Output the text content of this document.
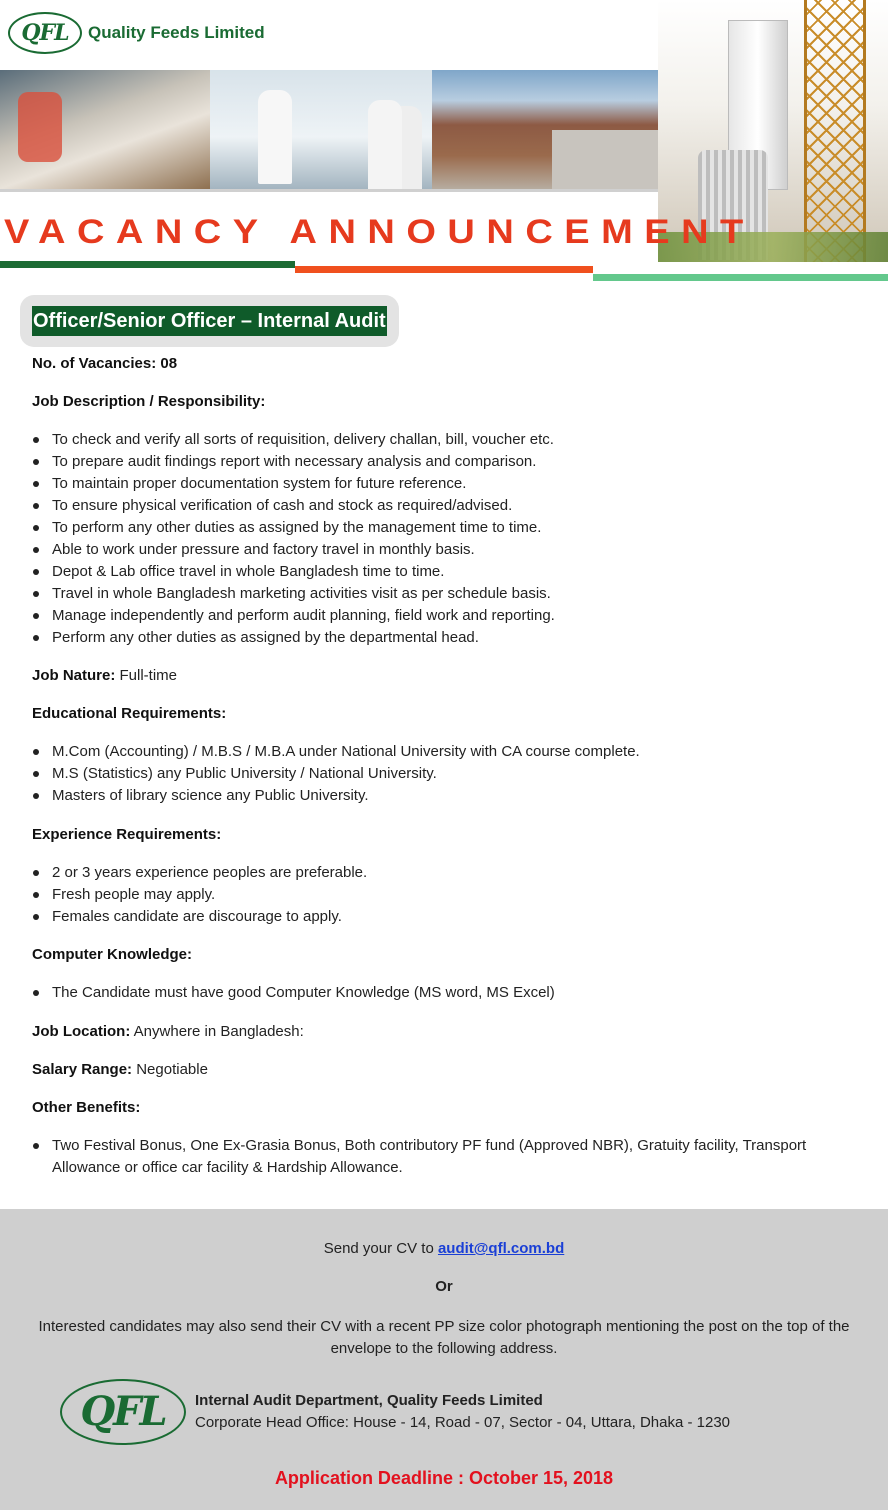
QFL	Quality Feeds Limited
VACANCY ANNOUNCEMENT
Officer/Senior Officer – Internal Audit

No. of Vacancies: 08

Job Description / Responsibility:

To check and verify all sorts of requisition, delivery challan, bill, voucher etc.
To prepare audit findings report with necessary analysis and comparison.
To maintain proper documentation system for future reference.
To ensure physical verification of cash and stock as required/advised.
To perform any other duties as assigned by the management time to time.
Able to work under pressure and factory travel in monthly basis.
Depot & Lab office travel in whole Bangladesh time to time.
Travel in whole Bangladesh marketing activities visit as per schedule basis.
Manage independently and perform audit planning, field work and reporting.
Perform any other duties as assigned by the departmental head.

Job Nature: Full-time

Educational Requirements:

M.Com (Accounting) / M.B.S / M.B.A under National University with CA course complete.
M.S (Statistics) any Public University / National University.
Masters of library science any Public University.

Experience Requirements:

2 or 3 years experience peoples are preferable.
Fresh people may apply.
Females candidate are discourage to apply.

Computer Knowledge:

The Candidate must have good Computer Knowledge (MS word, MS Excel)

Job Location: Anywhere in Bangladesh:

Salary Range: Negotiable

Other Benefits:

Two Festival Bonus, One Ex-Grasia Bonus, Both contributory PF fund (Approved NBR), Gratuity facility, Transport Allowance or office car facility & Hardship Allowance.

Send your CV to audit@qfl.com.bd

Or

Interested candidates may also send their CV with a recent PP size color photograph mentioning the post on the top of the envelope to the following address.

QFL	Internal Audit Department, Quality Feeds Limited

Corporate Head Office: House - 14, Road - 07, Sector - 04, Uttara, Dhaka - 1230

Application Deadline : October 15, 2018
